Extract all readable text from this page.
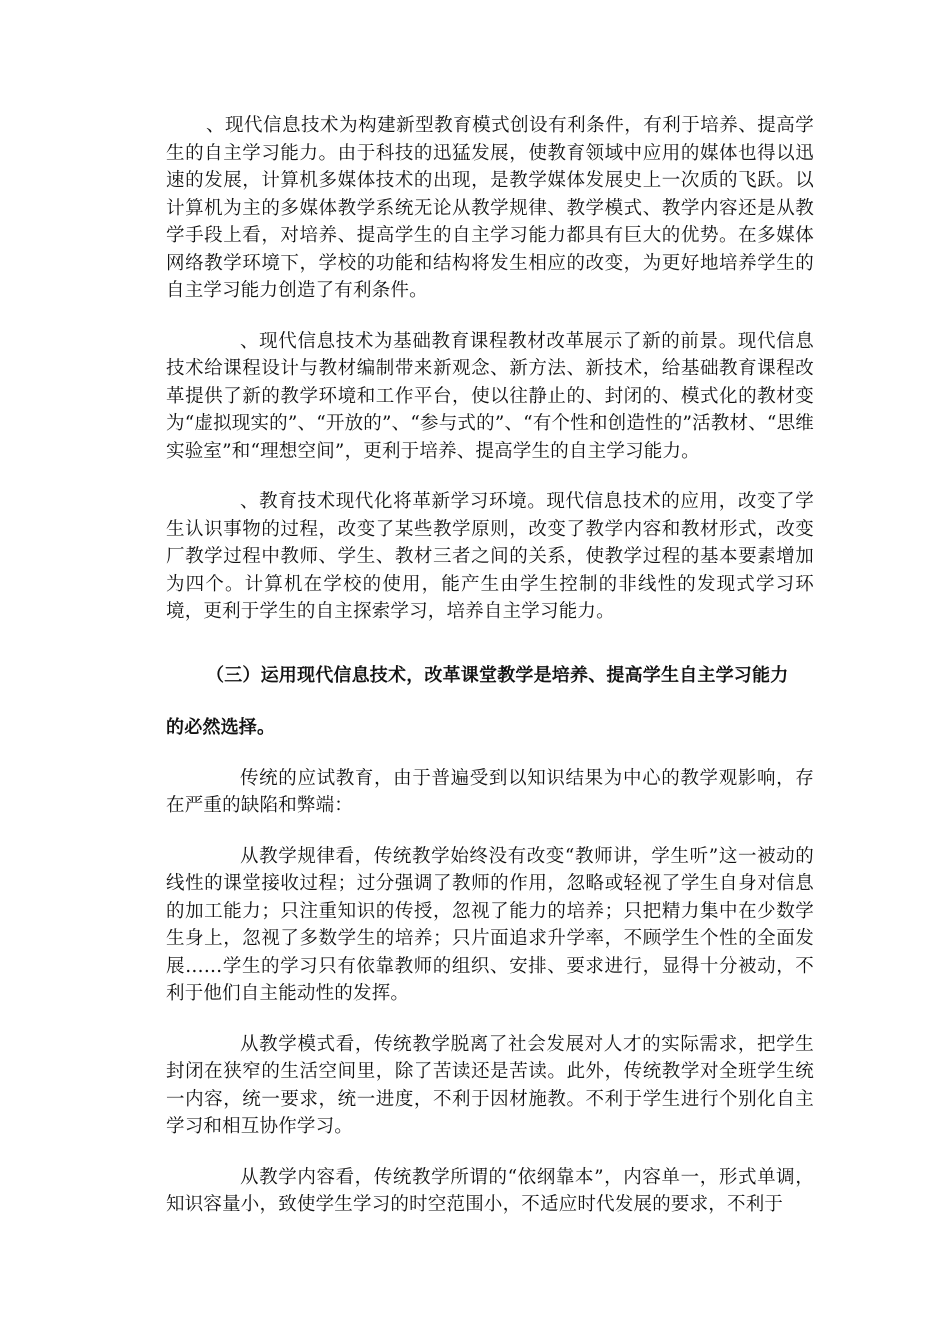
、现代信息技术为构建新型教育模式创设有利条件，有利于培养、提高学生的自主学习能力。由于科技的迅猛发展，使教育领域中应用的媒体也得以迅速的发展，计算机多媒体技术的出现，是教学媒体发展史上一次质的飞跃。以计算机为主的多媒体教学系统无论从教学规律、教学模式、教学内容还是从教学手段上看，对培养、提高学生的自主学习能力都具有巨大的优势。在多媒体网络教学环境下，学校的功能和结构将发生相应的改变，为更好地培养学生的自主学习能力创造了有利条件。

、现代信息技术为基础教育课程教材改革展示了新的前景。现代信息技术给课程设计与教材编制带来新观念、新方法、新技术，给基础教育课程改革提供了新的教学环境和工作平台，使以往静止的、封闭的、模式化的教材变为“虚拟现实的”、“开放的”、“参与式的”、“有个性和创造性的”活教材、“思维实验室”和“理想空间”，更利于培养、提高学生的自主学习能力。

、教育技术现代化将革新学习环境。现代信息技术的应用，改变了学生认识事物的过程，改变了某些教学原则，改变了教学内容和教材形式，改变厂教学过程中教师、学生、教材三者之间的关系，使教学过程的基本要素增加为四个。计算机在学校的使用，能产生由学生控制的非线性的发现式学习环境，更利于学生的自主探索学习，培养自主学习能力。

（三）运用现代信息技术，改革课堂教学是培养、提高学生自主学习能力

的必然选择。

传统的应试教育，由于普遍受到以知识结果为中心的教学观影响，存在严重的缺陷和弊端：

从教学规律看，传统教学始终没有改变“教师讲，学生听”这一被动的线性的课堂接收过程；过分强调了教师的作用，忽略或轻视了学生自身对信息的加工能力；只注重知识的传授，忽视了能力的培养；只把精力集中在少数学生身上，忽视了多数学生的培养；只片面追求升学率，不顾学生个性的全面发展……学生的学习只有依靠教师的组织、安排、要求进行，显得十分被动，不利于他们自主能动性的发挥。

从教学模式看，传统教学脱离了社会发展对人才的实际需求，把学生封闭在狭窄的生活空间里，除了苦读还是苦读。此外，传统教学对全班学生统一内容，统一要求，统一进度，不利于因材施教。不利于学生进行个别化自主学习和相互协作学习。

从教学内容看，传统教学所谓的“依纲靠本”，内容单一，形式单调，知识容量小，致使学生学习的时空范围小，不适应时代发展的要求，不利于
